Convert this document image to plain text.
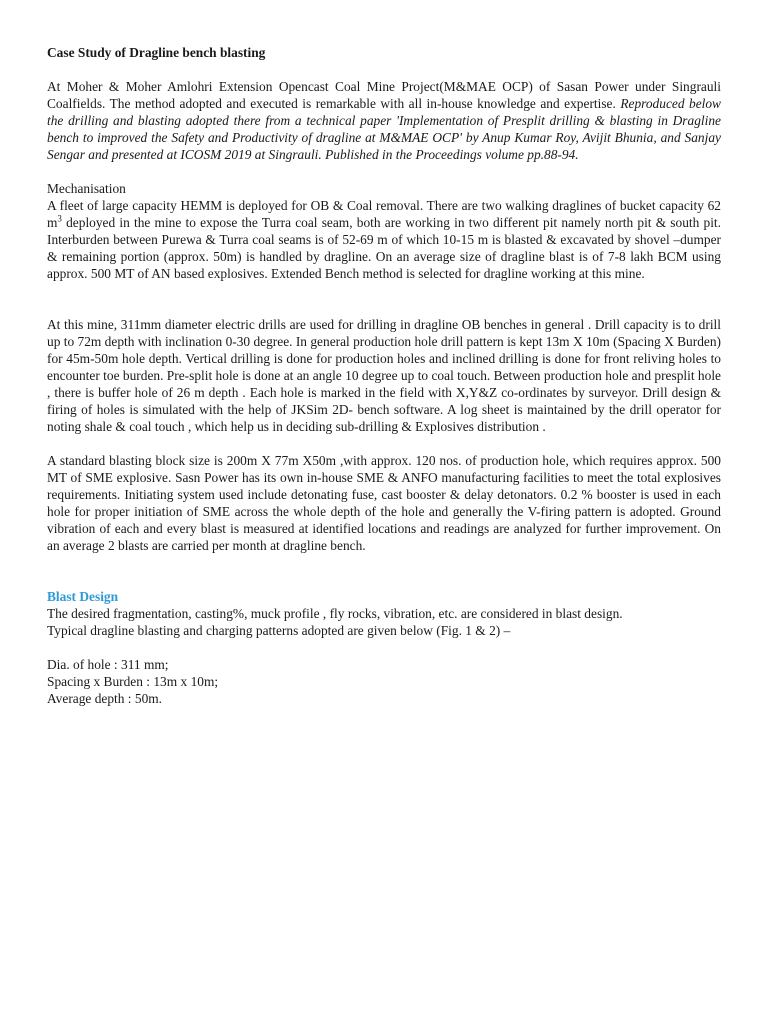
Case Study of Dragline bench blasting

At Moher & Moher Amlohri Extension Opencast Coal Mine Project(M&MAE OCP) of Sasan Power under Singrauli Coalfields. The method adopted and executed is remarkable with all in-house knowledge and expertise. Reproduced below the drilling and blasting adopted there from a technical paper 'Implementation of Presplit drilling & blasting in Dragline bench to improved the Safety and Productivity of dragline at M&MAE OCP' by Anup Kumar Roy, Avijit Bhunia, and Sanjay Sengar and presented at ICOSM 2019 at Singrauli. Published in the Proceedings volume pp.88-94.

Mechanisation

A fleet of large capacity HEMM is deployed for OB & Coal removal. There are two walking draglines of bucket capacity 62 $m^3$ deployed in the mine to expose the Turra coal seam, both are working in two different pit namely north pit & south pit. Interburden between Purewa & Turra coal seams is of 52-69 m of which 10-15 m is blasted & excavated by shovel –dumper & remaining portion (approx. 50m) is handled by dragline. On an average size of dragline blast is of 7-8 lakh BCM using approx. 500 MT of AN based explosives. Extended Bench method is selected for dragline working at this mine.

At this mine, 311mm diameter electric drills are used for drilling in dragline OB benches in general . Drill capacity is to drill up to 72m depth with inclination 0-30 degree. In general production hole drill pattern is kept 13m X 10m (Spacing X Burden) for 45m-50m hole depth. Vertical drilling is done for production holes and inclined drilling is done for front reliving holes to encounter toe burden. Pre-split hole is done at an angle 10 degree up to coal touch. Between production hole and presplit hole , there is buffer hole of 26 m depth . Each hole is marked in the field with X,Y&Z co-ordinates by surveyor. Drill design & firing of holes is simulated with the help of JKSim 2D- bench software. A log sheet is maintained by the drill operator for noting shale & coal touch , which help us in deciding sub-drilling & Explosives distribution .

A standard blasting block size is 200m X 77m X50m ,with approx. 120 nos. of production hole, which requires approx. 500 MT of SME explosive. Sasn Power has its own in-house SME & ANFO manufacturing facilities to meet the total explosives requirements. Initiating system used include detonating fuse, cast booster & delay detonators. 0.2 % booster is used in each hole for proper initiation of SME across the whole depth of the hole and generally the V-firing pattern is adopted. Ground vibration of each and every blast is measured at identified locations and readings are analyzed for further improvement. On an average 2 blasts are carried per month at dragline bench.

Blast Design
The desired fragmentation, casting%, muck profile , fly rocks, vibration, etc. are considered in blast design.
Typical dragline blasting and charging patterns adopted are given below (Fig. 1 & 2) –
Dia. of hole : 311 mm;
Spacing x Burden : 13m x 10m;
Average depth : 50m.
